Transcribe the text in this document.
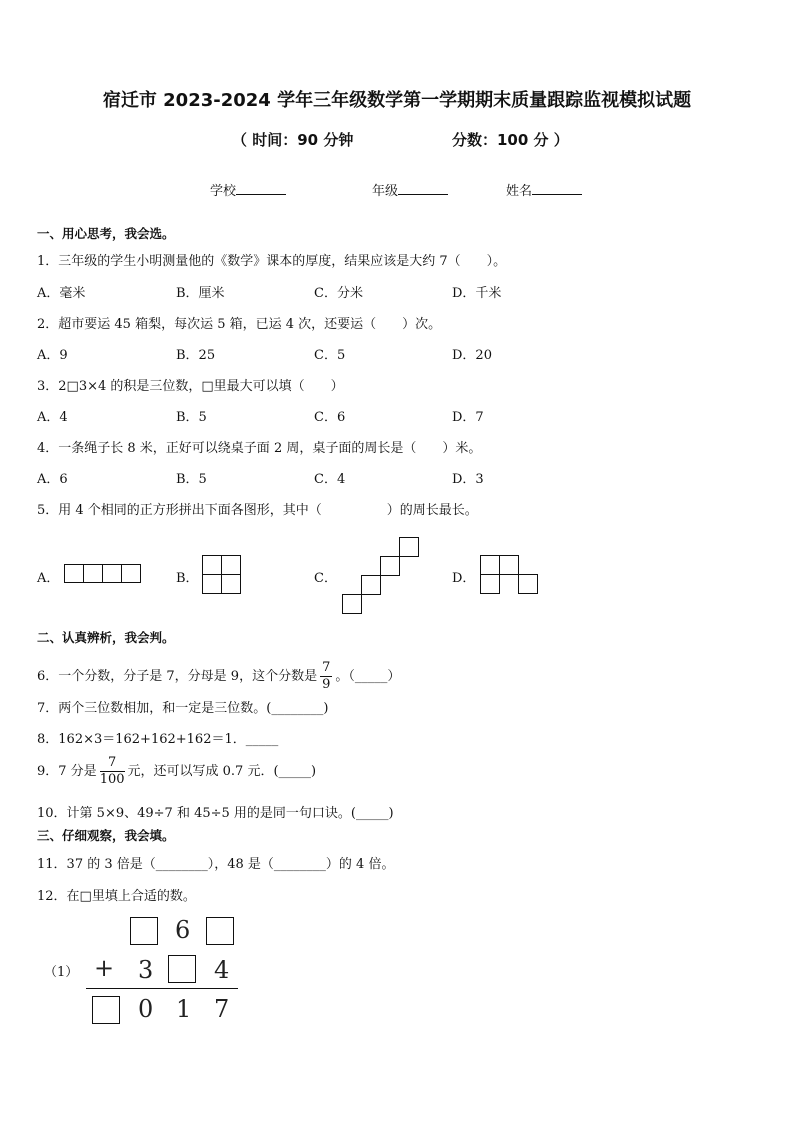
宿迁市 2023-2024 学年三年级数学第一学期期末质量跟踪监视模拟试题
（ 时间：90 分钟	分数：100 分 ）
学校	年级	姓名
一、用心思考，我会选。
1．三年级的学生小明测量他的《数学》课本的厚度，结果应该是大约 7（　　）。
A．毫米	B．厘米	C．分米	D．千米
2．超市要运 45 箱梨，每次运 5 箱，已运 4 次，还要运（　　）次。
A．9	B．25	C．5	D．20
3．2□3×4 的积是三位数，□里最大可以填（　　）
A．4	B．5	C．6	D．7
4．一条绳子长 8 米，正好可以绕桌子面 2 周，桌子面的周长是（　　）米。
A．6	B．5	C．4	D．3
5．用 4 个相同的正方形拼出下面各图形，其中（　　　　　）的周长最长。
A．	B．	C．	D．
二、认真辨析，我会判。
6．一个分数，分子是 7，分母是 9，这个分数是 $\frac{7}{9}$ 。（_____）
7．两个三位数相加，和一定是三位数。(________)
8．162×3＝162+162+162＝1．_____
9．7 分是 $\frac{7}{100}$ 元，还可以写成 0.7 元．(_____)
10．计第 5×9、49÷7 和 45÷5 用的是同一句口诀。(_____)
三、仔细观察，我会填。
11．37 的 3 倍是（________），48 是（________）的 4 倍。
12．在□里填上合适的数。
（1）
6
+ 3	4
0 1 7
